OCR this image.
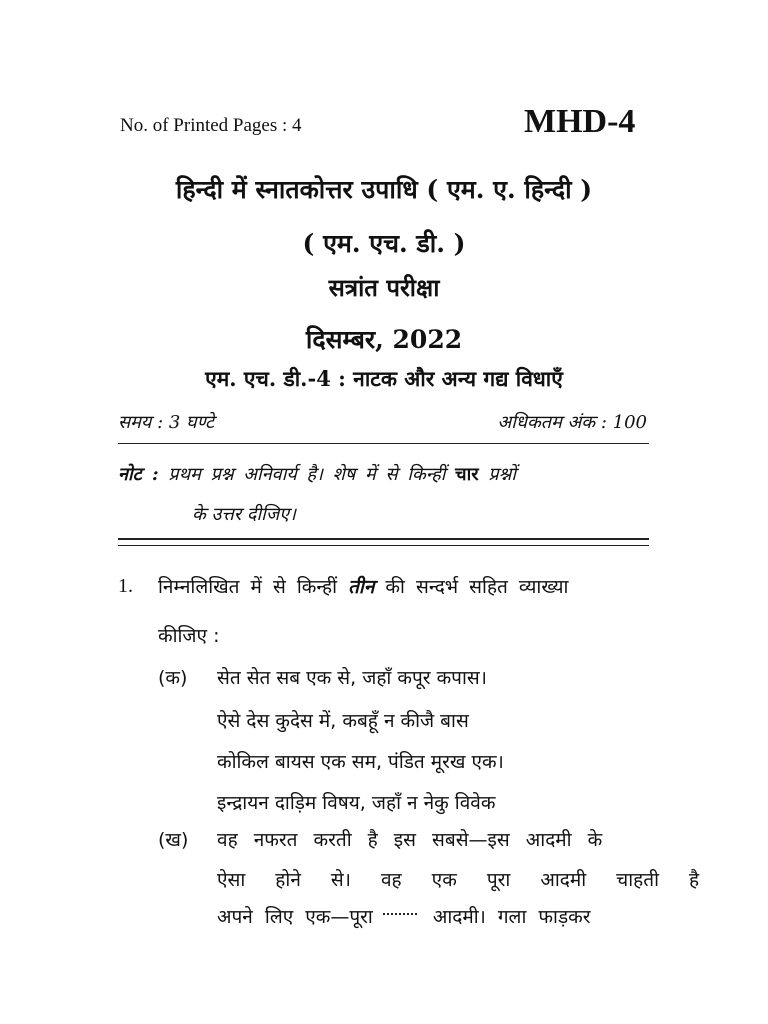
No. of Printed Pages : 4	MHD-4
हिन्दी में स्नातकोत्तर उपाधि ( एम. ए. हिन्दी )
( एम. एच. डी. )
सत्रांत परीक्षा
दिसम्बर, 2022
एम. एच. डी.-4 : नाटक और अन्य गद्य विधाएँ
समय : 3 घण्टे	अधिकतम अंक : 100
नोट : प्रथम प्रश्न अनिवार्य है। शेष में से किन्हीं चार प्रश्नों
के उत्तर दीजिए।
1. निम्नलिखित में से किन्हीं तीन की सन्दर्भ सहित व्याख्या
कीजिए :
(क) सेत सेत सब एक से, जहाँ कपूर कपास।
ऐसे देस कुदेस में, कबहूँ न कीजै बास
कोकिल बायस एक सम, पंडित मूरख एक।
इन्द्रायन दाड़िम विषय, जहाँ न नेकु विवेक
(ख) वह नफरत करती है इस सबसे—इस आदमी के
ऐसा होने से। वह एक पूरा आदमी चाहती है
अपने लिए एक—पूरा	आदमी। गला फाड़कर
